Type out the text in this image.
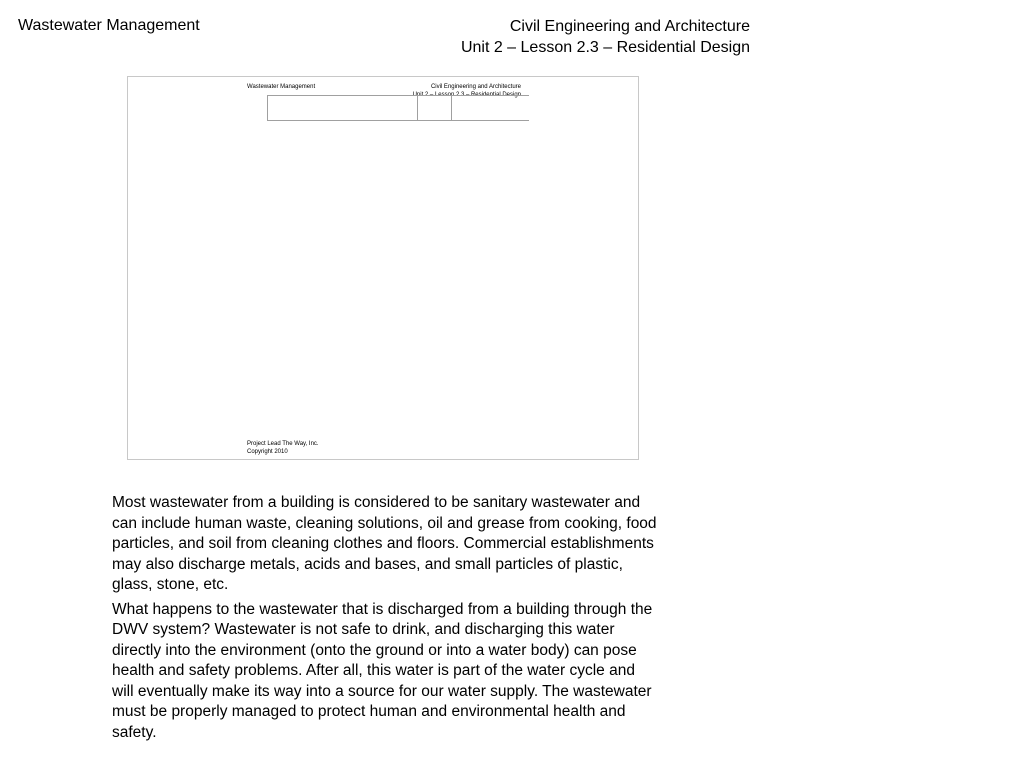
Wastewater Management	Civil Engineering and Architecture
Unit 2 – Lesson 2.3 – Residential Design
Wastewater Management	Civil Engineering and Architecture
Unit 2 – Lesson 2.3 – Residential Design
Project Lead The Way, Inc.
Copyright 2010

Most wastewater from a building is considered to be sanitary wastewater and can include human waste, cleaning solutions, oil and grease from cooking, food particles, and soil from cleaning clothes and floors. Commercial establishments may also discharge metals, acids and bases, and small particles of plastic, glass, stone, etc.

What happens to the wastewater that is discharged from a building through the DWV system? Wastewater is not safe to drink, and discharging this water directly into the environment (onto the ground or into a water body) can pose health and safety problems. After all, this water is part of the water cycle and will eventually make its way into a source for our water supply. The wastewater must be properly managed to protect human and environmental health and safety.
